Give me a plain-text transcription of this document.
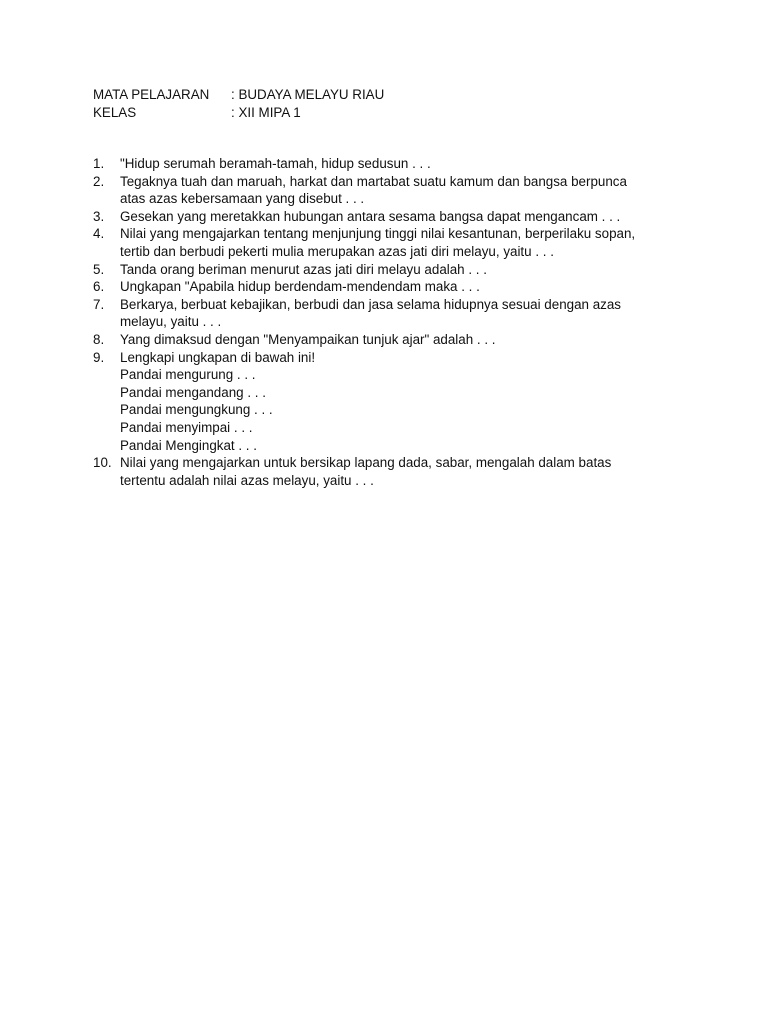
MATA PELAJARAN	: BUDAYA MELAYU RIAU
KELAS	: XII MIPA 1
1.	"Hidup serumah beramah-tamah, hidup sedusun . . .
2.	Tegaknya tuah dan maruah, harkat dan martabat suatu kamum dan bangsa berpunca
atas azas kebersamaan yang disebut . . .
3.	Gesekan yang meretakkan hubungan antara sesama bangsa dapat mengancam . . .
4.	Nilai yang mengajarkan tentang menjunjung tinggi nilai kesantunan, berperilaku sopan,
tertib dan berbudi pekerti mulia merupakan azas jati diri melayu, yaitu . . .
5.	Tanda orang beriman menurut azas jati diri melayu adalah . . .
6.	Ungkapan "Apabila hidup berdendam-mendendam maka . . .
7.	Berkarya, berbuat kebajikan, berbudi dan jasa selama hidupnya sesuai dengan azas
melayu, yaitu . . .
8.	Yang dimaksud dengan "Menyampaikan tunjuk ajar" adalah . . .
9.	Lengkapi ungkapan di bawah ini!
Pandai mengurung . . .
Pandai mengandang . . .
Pandai mengungkung . . .
Pandai menyimpai . . .
Pandai Mengingkat . . .
10. Nilai yang mengajarkan untuk bersikap lapang dada, sabar, mengalah dalam batas
tertentu adalah nilai azas melayu, yaitu . . .
